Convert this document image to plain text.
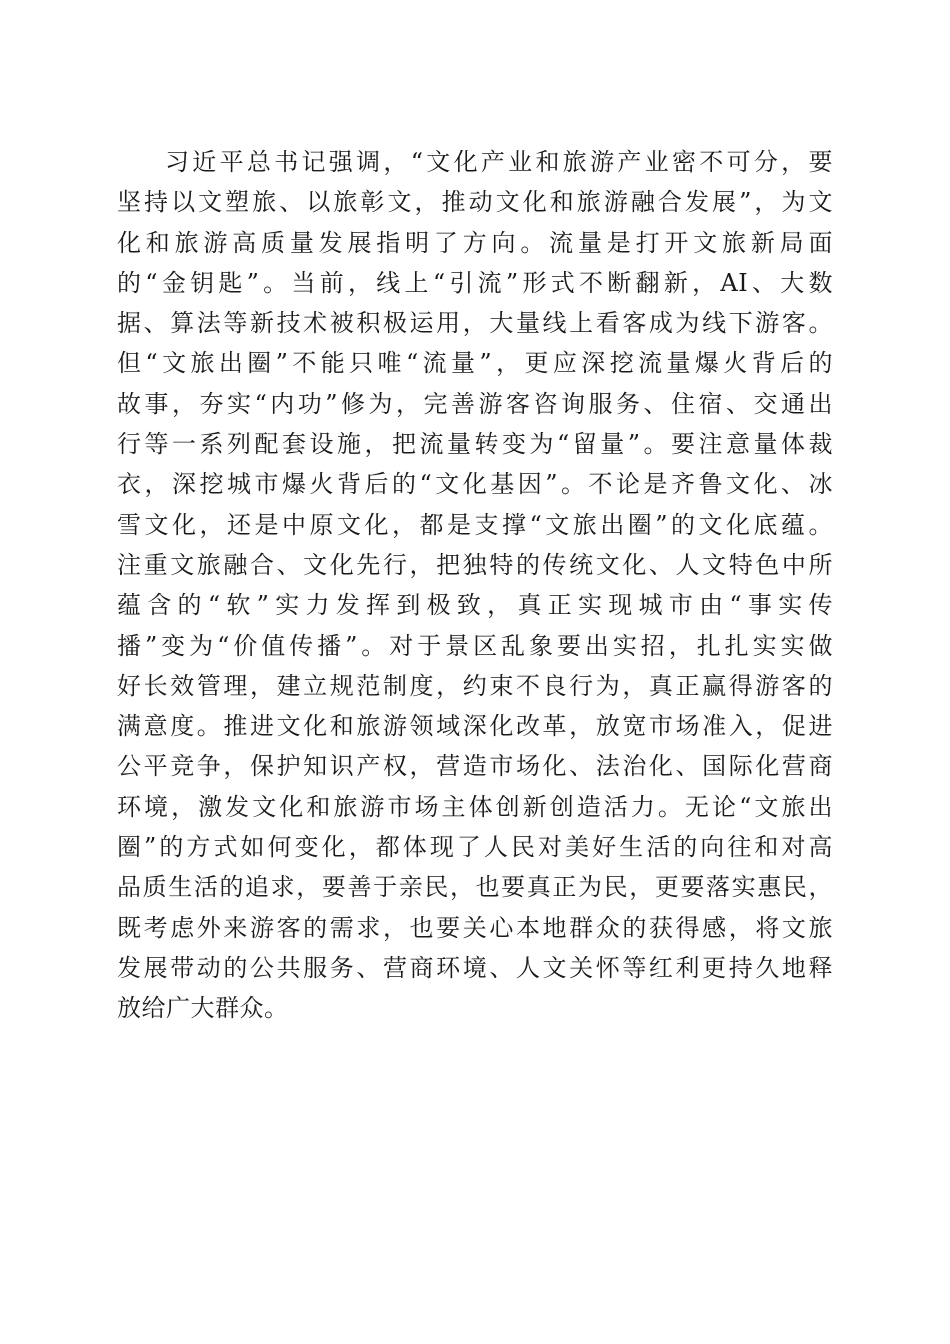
习近平总书记强调，“文化产业和旅游产业密不可分，要
坚持以文塑旅、以旅彰文，推动文化和旅游融合发展”，为文
化和旅游高质量发展指明了方向。流量是打开文旅新局面
的“金钥匙”。当前，线上“引流”形式不断翻新，AI、大数
据、算法等新技术被积极运用，大量线上看客成为线下游客。
但“文旅出圈”不能只唯“流量”，更应深挖流量爆火背后的
故事，夯实“内功”修为，完善游客咨询服务、住宿、交通出
行等一系列配套设施，把流量转变为“留量”。要注意量体裁
衣，深挖城市爆火背后的“文化基因”。不论是齐鲁文化、冰
雪文化，还是中原文化，都是支撑“文旅出圈”的文化底蕴。
注重文旅融合、文化先行，把独特的传统文化、人文特色中所
蕴含的“软”实力发挥到极致，真正实现城市由“事实传
播”变为“价值传播”。对于景区乱象要出实招，扎扎实实做
好长效管理，建立规范制度，约束不良行为，真正赢得游客的
满意度。推进文化和旅游领域深化改革，放宽市场准入，促进
公平竞争，保护知识产权，营造市场化、法治化、国际化营商
环境，激发文化和旅游市场主体创新创造活力。无论“文旅出
圈”的方式如何变化，都体现了人民对美好生活的向往和对高
品质生活的追求，要善于亲民，也要真正为民，更要落实惠民，
既考虑外来游客的需求，也要关心本地群众的获得感，将文旅
发展带动的公共服务、营商环境、人文关怀等红利更持久地释
放给广大群众。
